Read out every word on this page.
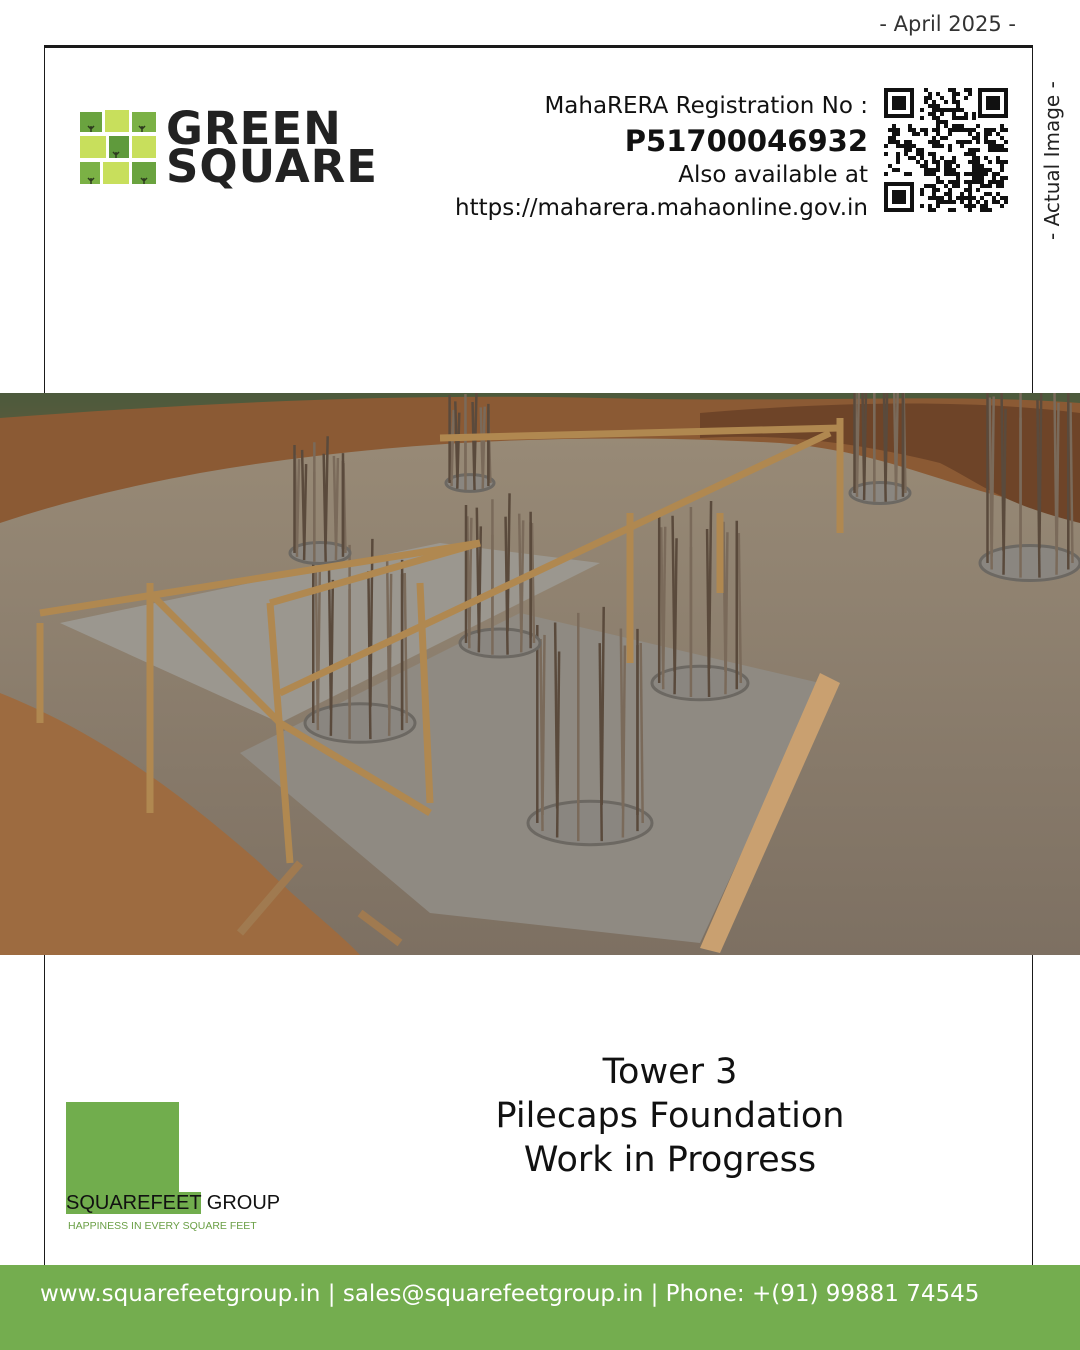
- April 2025 -
- Actual Image -
GREEN
SQUARE
MahaRERA Registration No :
P51700046932
Also available at
https://maharera.mahaonline.gov.in
Tower 3
Pilecaps Foundation
Work in Progress
SQUAREFEET GROUP
HAPPINESS IN EVERY SQUARE FEET
www.squarefeetgroup.in | sales@squarefeetgroup.in | Phone: +(91) 99881 74545
